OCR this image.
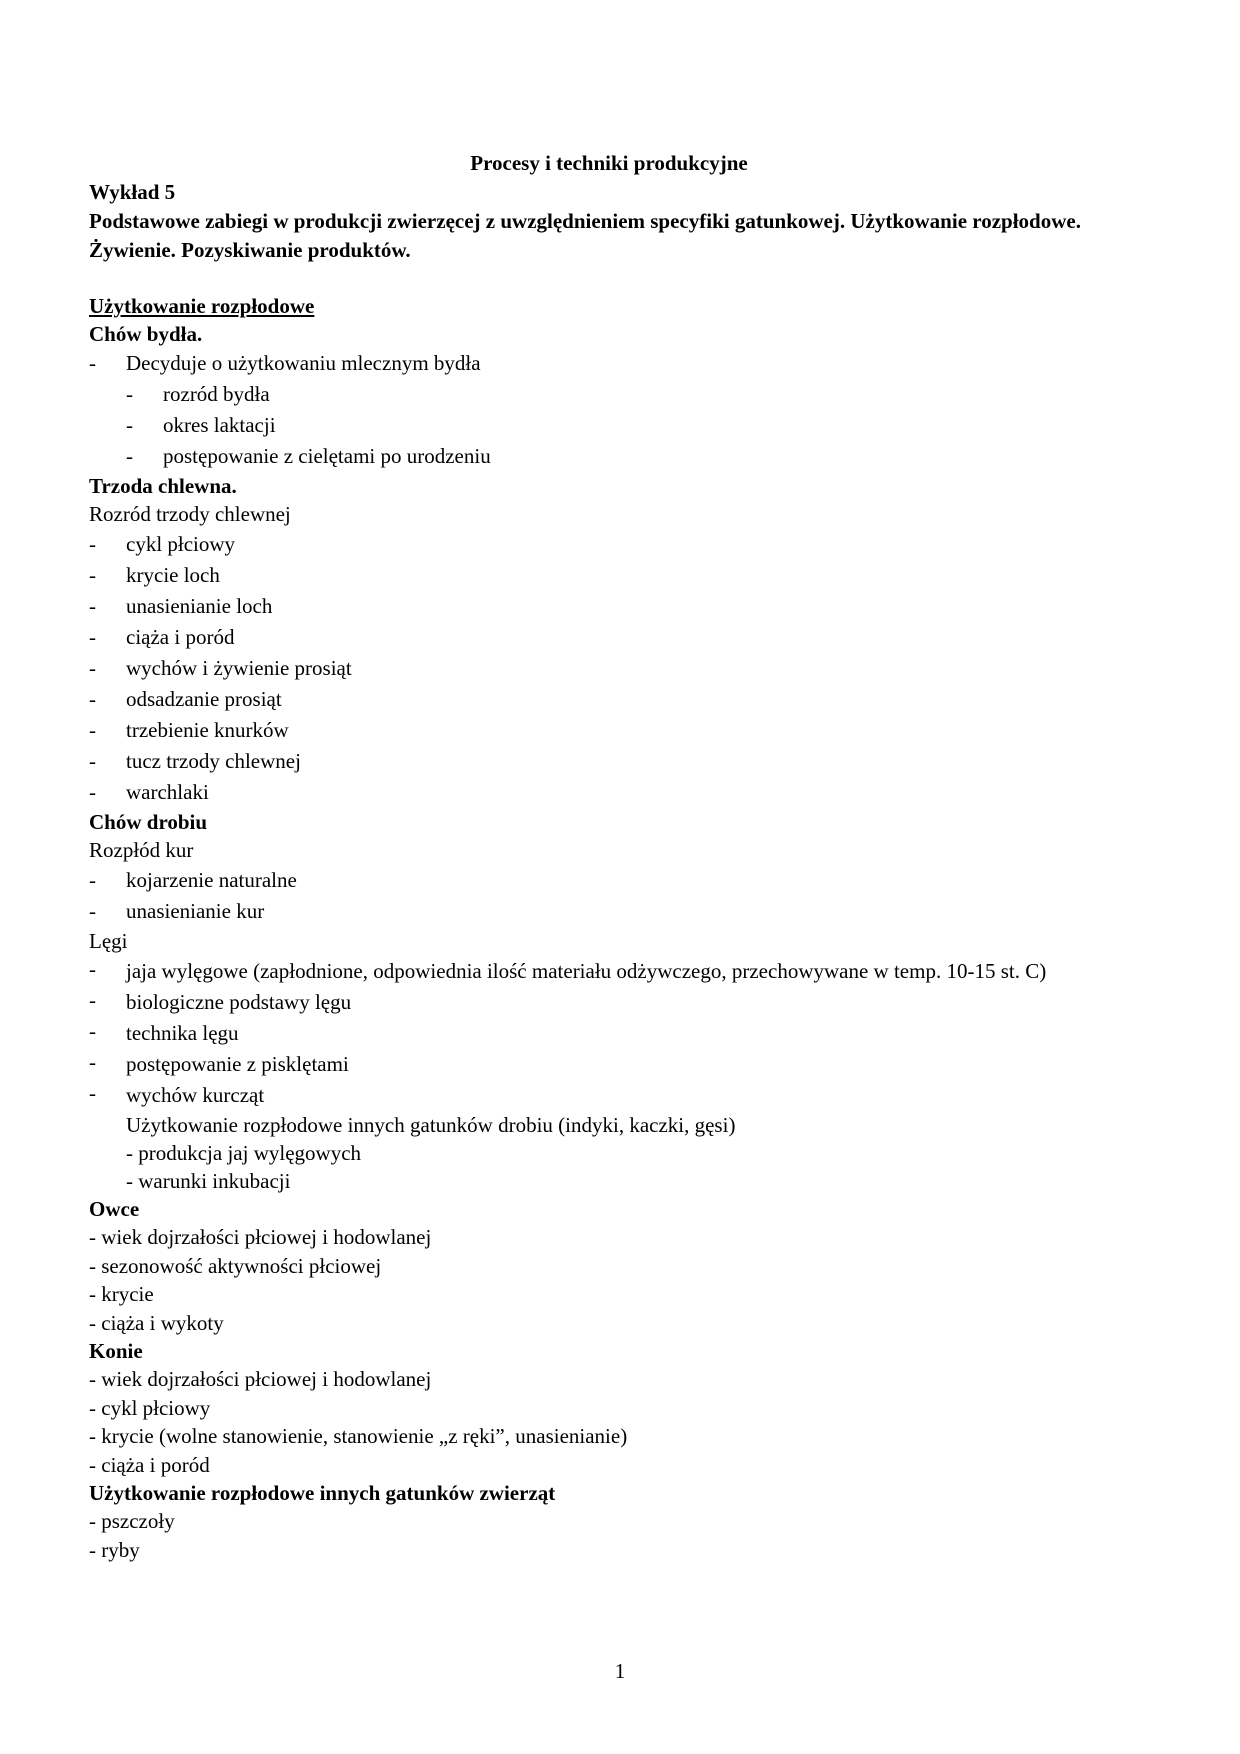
Procesy i techniki produkcyjne
Wykład 5
Podstawowe zabiegi w produkcji zwierzęcej z uwzględnieniem specyfiki gatunkowej. Użytkowanie rozpłodowe. Żywienie. Pozyskiwanie produktów.
Użytkowanie rozpłodowe
Chów bydła.
- Decyduje o użytkowaniu mlecznym bydła
- rozród bydła
- okres laktacji
- postępowanie z cielętami po urodzeniu
Trzoda chlewna.
Rozród trzody chlewnej
- cykl płciowy
- krycie loch
- unasienianie loch
- ciąża i poród
- wychów i żywienie prosiąt
- odsadzanie prosiąt
- trzebienie knurków
- tucz trzody chlewnej
- warchlaki
Chów drobiu
Rozpłód kur
- kojarzenie naturalne
- unasienianie kur
Lęgi
- jaja wylęgowe (zapłodnione, odpowiednia ilość materiału odżywczego, przechowywane w temp. 10-15 st. C)
- biologiczne podstawy lęgu
- technika lęgu
- postępowanie z pisklętami
- wychów kurcząt
Użytkowanie rozpłodowe innych gatunków drobiu (indyki, kaczki, gęsi)
- produkcja jaj wylęgowych
- warunki inkubacji
Owce
- wiek dojrzałości płciowej i hodowlanej
- sezonowość aktywności płciowej
- krycie
- ciąża i wykoty
Konie
- wiek dojrzałości płciowej i hodowlanej
- cykl płciowy
- krycie (wolne stanowienie, stanowienie „z ręki”, unasienianie)
- ciąża i poród
Użytkowanie rozpłodowe innych gatunków zwierząt
- pszczoły
- ryby
1
